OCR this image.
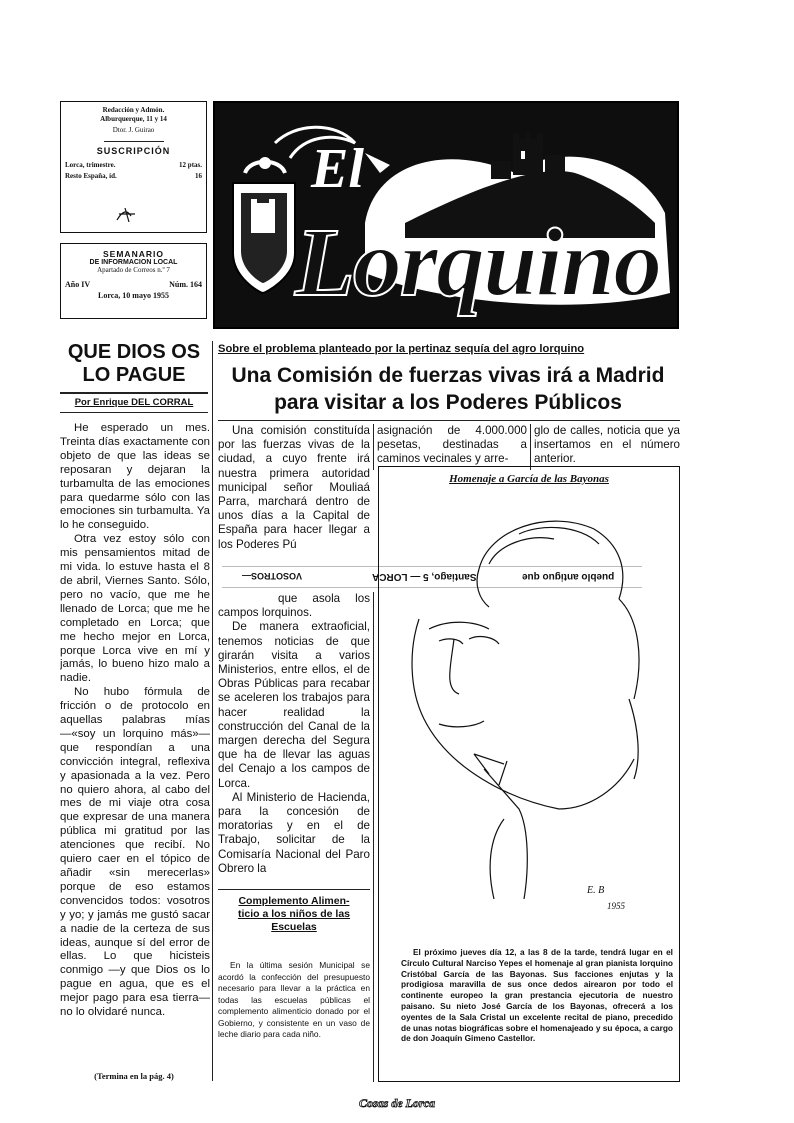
Redacción y Admón.
Alburquerque, 11 y 14
Dtor. J. Guirao
SUSCRIPCIÓN
Lorca, trimestre.	12 ptas.
Resto España, íd.	16
SEMANARIO
DE INFORMACION LOCAL
Apartado de Correos n.º 7
Año IV	Núm. 164
Lorca, 10 mayo 1955
El
Lorquino
QUE DIOS OS
LO PAGUE
Por Enrique DEL CORRAL

He esperado un mes. Treinta días exactamente con objeto de que las ideas se reposaran y dejaran la turbamulta de las emociones para quedarme sólo con las emociones sin turbamulta. Ya lo he conseguido.

Otra vez estoy sólo con mis pensamientos mitad de mi vida. lo estuve hasta el 8 de abril, Viernes Santo. Sólo, pero no vacío, que me he llenado de Lorca; que me he completado en Lorca; que me hecho mejor en Lorca, porque Lorca vive en mí y jamás, lo bueno hizo malo a nadie.

No hubo fórmula de fricción o de protocolo en aquellas palabras mías—«soy un lorquino más»—que respondían a una convicción integral, reflexiva y apasionada a la vez. Pero no quiero ahora, al cabo del mes de mi viaje otra cosa que expresar de una manera pública mi gratitud por las atenciones que recibí. No quiero caer en el tópico de añadir «sin merecerlas» porque de eso estamos convencidos todos: vosotros y yo; y jamás me gustó sacar a nadie de la certeza de sus ideas, aunque sí del error de ellas. Lo que hicisteis conmigo —y que Dios os lo pague en agua, que es el mejor pago para esa tierra— no lo olvidaré nunca.

(Termina en la pág. 4)
Sobre el problema planteado por la pertinaz sequía del agro lorquino
Una Comisión de fuerzas vivas irá a Madrid
para visitar a los Poderes Públicos

Una comisión constituída por las fuerzas vivas de la ciudad, a cuyo frente irá nuestra primera autoridad municipal señor Mouliaá Parra, marchará dentro de unos días a la Capital de España para hacer llegar a los Poderes Pú

asignación de 4.000.000 pesetas, destinadas a caminos vecinales y arre-

glo de calles, noticia que ya insertamos en el número anterior.

Santiago, 5 — LORCA	pueblo antiguo que
VOSOTROS—

que asola los campos lorquinos.

De manera extraoficial, tenemos noticias de que girarán visita a varios Ministerios, entre ellos, el de Obras Públicas para recabar se aceleren los trabajos para hacer realidad la construcción del Canal de la margen derecha del Segura que ha de llevar las aguas del Cenajo a los campos de Lorca.

Al Ministerio de Hacienda, para la concesión de moratorias y en el de Trabajo, solicitar de la Comisaría Nacional del Paro Obrero la

Complemento Alimen-
ticio a los niños de las
Escuelas

En la última sesión Municipal se acordó la confección del presupuesto necesario para llevar a la práctica en todas las escuelas públicas el complemento alimenticio donado por el Gobierno, y consistente en un vaso de leche diario para cada niño.

Homenaje a García de las Bayonas
E. B
1955

El próximo jueves día 12, a las 8 de la tarde, tendrá lugar en el Círculo Cultural Narciso Yepes el homenaje al gran pianista lorquino Cristóbal García de las Bayonas. Sus facciones enjutas y la prodigiosa maravilla de sus once dedos airearon por todo el continente europeo la gran prestancia ejecutoria de nuestro paisano. Su nieto José García de los Bayonas, ofrecerá a los oyentes de la Sala Cristal un excelente recital de piano, precedido de unas notas biográficas sobre el homenajeado y su época, a cargo de don Joaquín Gimeno Castellor.

Cosas de Lorca
